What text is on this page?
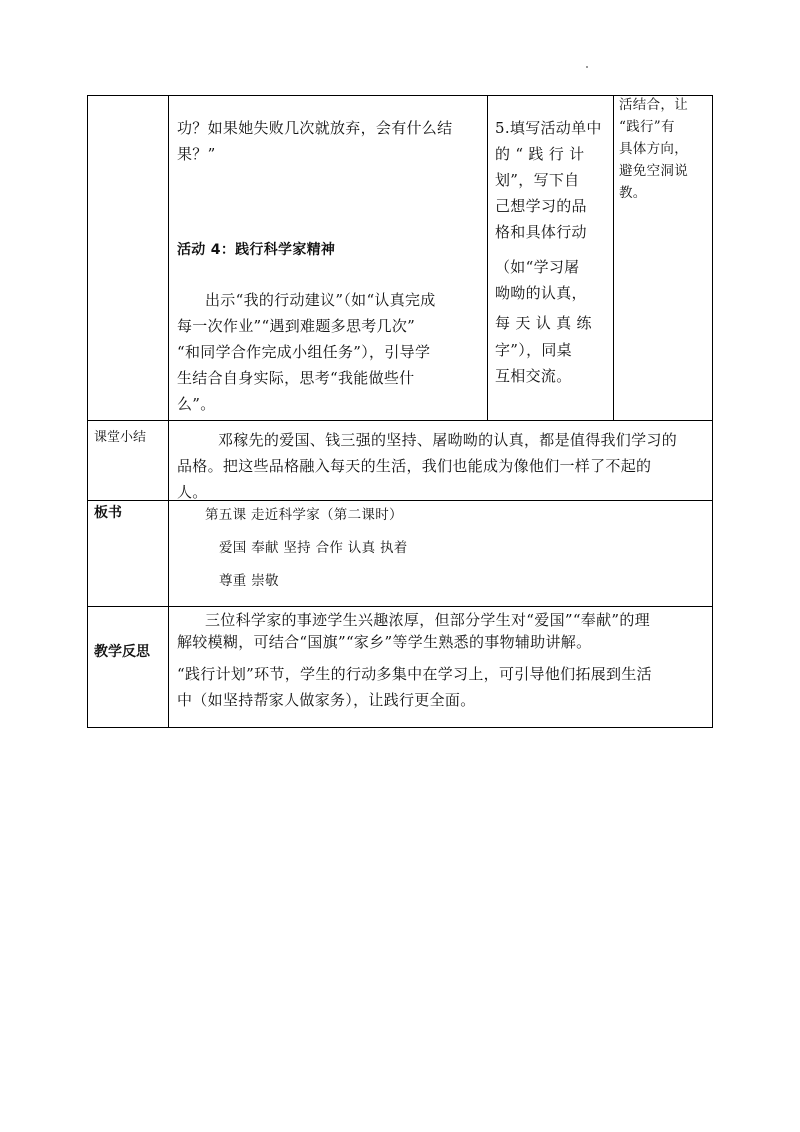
功？如果她失败几次就放弃，会有什么结
果？”
活动 4：践行科学家精神
出示“我的行动建议”（如“认真完成
每一次作业”“遇到难题多思考几次”
“和同学合作完成小组任务”），引导学
生结合自身实际，思考“我能做些什
么”。
5.填写活动单中
的 “ 践 行 计
划”，写下自
己想学习的品
格和具体行动
（如“学习屠
呦呦的认真，
每 天 认 真 练
字”），同桌
互相交流。
活结合，让
“践行”有
具体方向，
避免空洞说
教。
课堂小结	邓稼先的爱国、钱三强的坚持、屠呦呦的认真，都是值得我们学习的
品格。把这些品格融入每天的生活，我们也能成为像他们一样了不起的
人。
板书	第五课 走近科学家（第二课时）
爱国 奉献 坚持 合作 认真 执着
尊重 崇敬
教学反思
三位科学家的事迹学生兴趣浓厚，但部分学生对“爱国”“奉献”的理
解较模糊，可结合“国旗”“家乡”等学生熟悉的事物辅助讲解。
“践行计划”环节，学生的行动多集中在学习上，可引导他们拓展到生活
中（如坚持帮家人做家务），让践行更全面。
